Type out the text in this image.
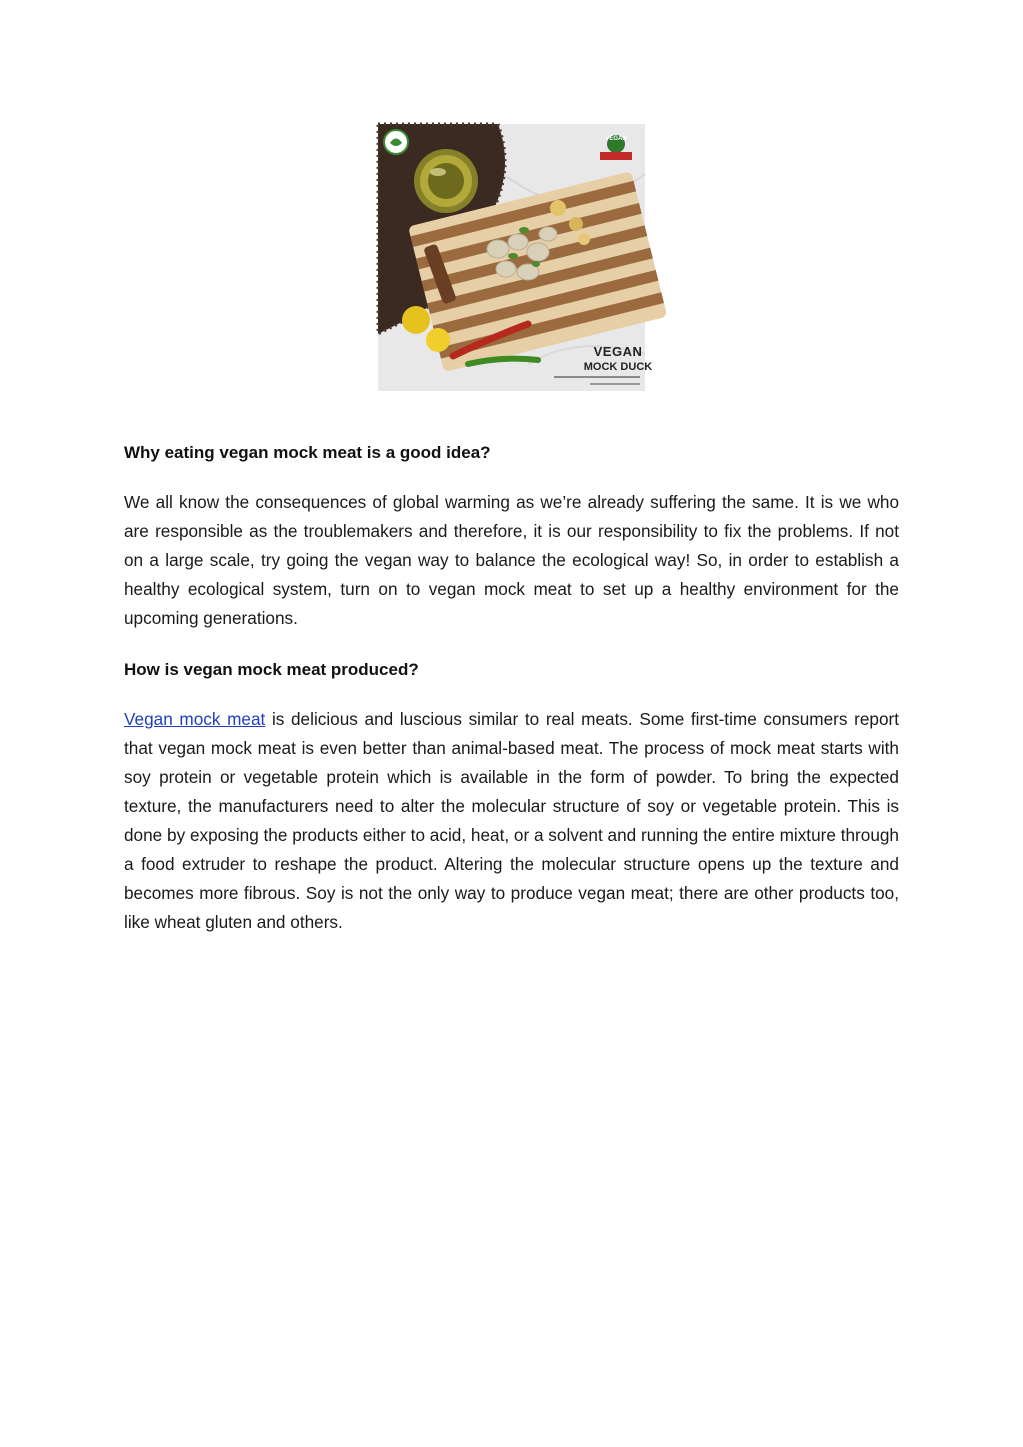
VEGAN
VEGAN
MOCK DUCK
Why eating vegan mock meat is a good idea?

We all know the consequences of global warming as we’re already suffering the same. It is we who are responsible as the troublemakers and therefore, it is our responsibility to fix the problems. If not on a large scale, try going the vegan way to balance the ecological way! So, in order to establish a healthy ecological system, turn on to vegan mock meat to set up a healthy environment for the upcoming generations.

How is vegan mock meat produced?

Vegan mock meat is delicious and luscious similar to real meats. Some first-time consumers report that vegan mock meat is even better than animal-based meat. The process of mock meat starts with soy protein or vegetable protein which is available in the form of powder. To bring the expected texture, the manufacturers need to alter the molecular structure of soy or vegetable protein. This is done by exposing the products either to acid, heat, or a solvent and running the entire mixture through a food extruder to reshape the product. Altering the molecular structure opens up the texture and becomes more fibrous. Soy is not the only way to produce vegan meat; there are other products too, like wheat gluten and others.
